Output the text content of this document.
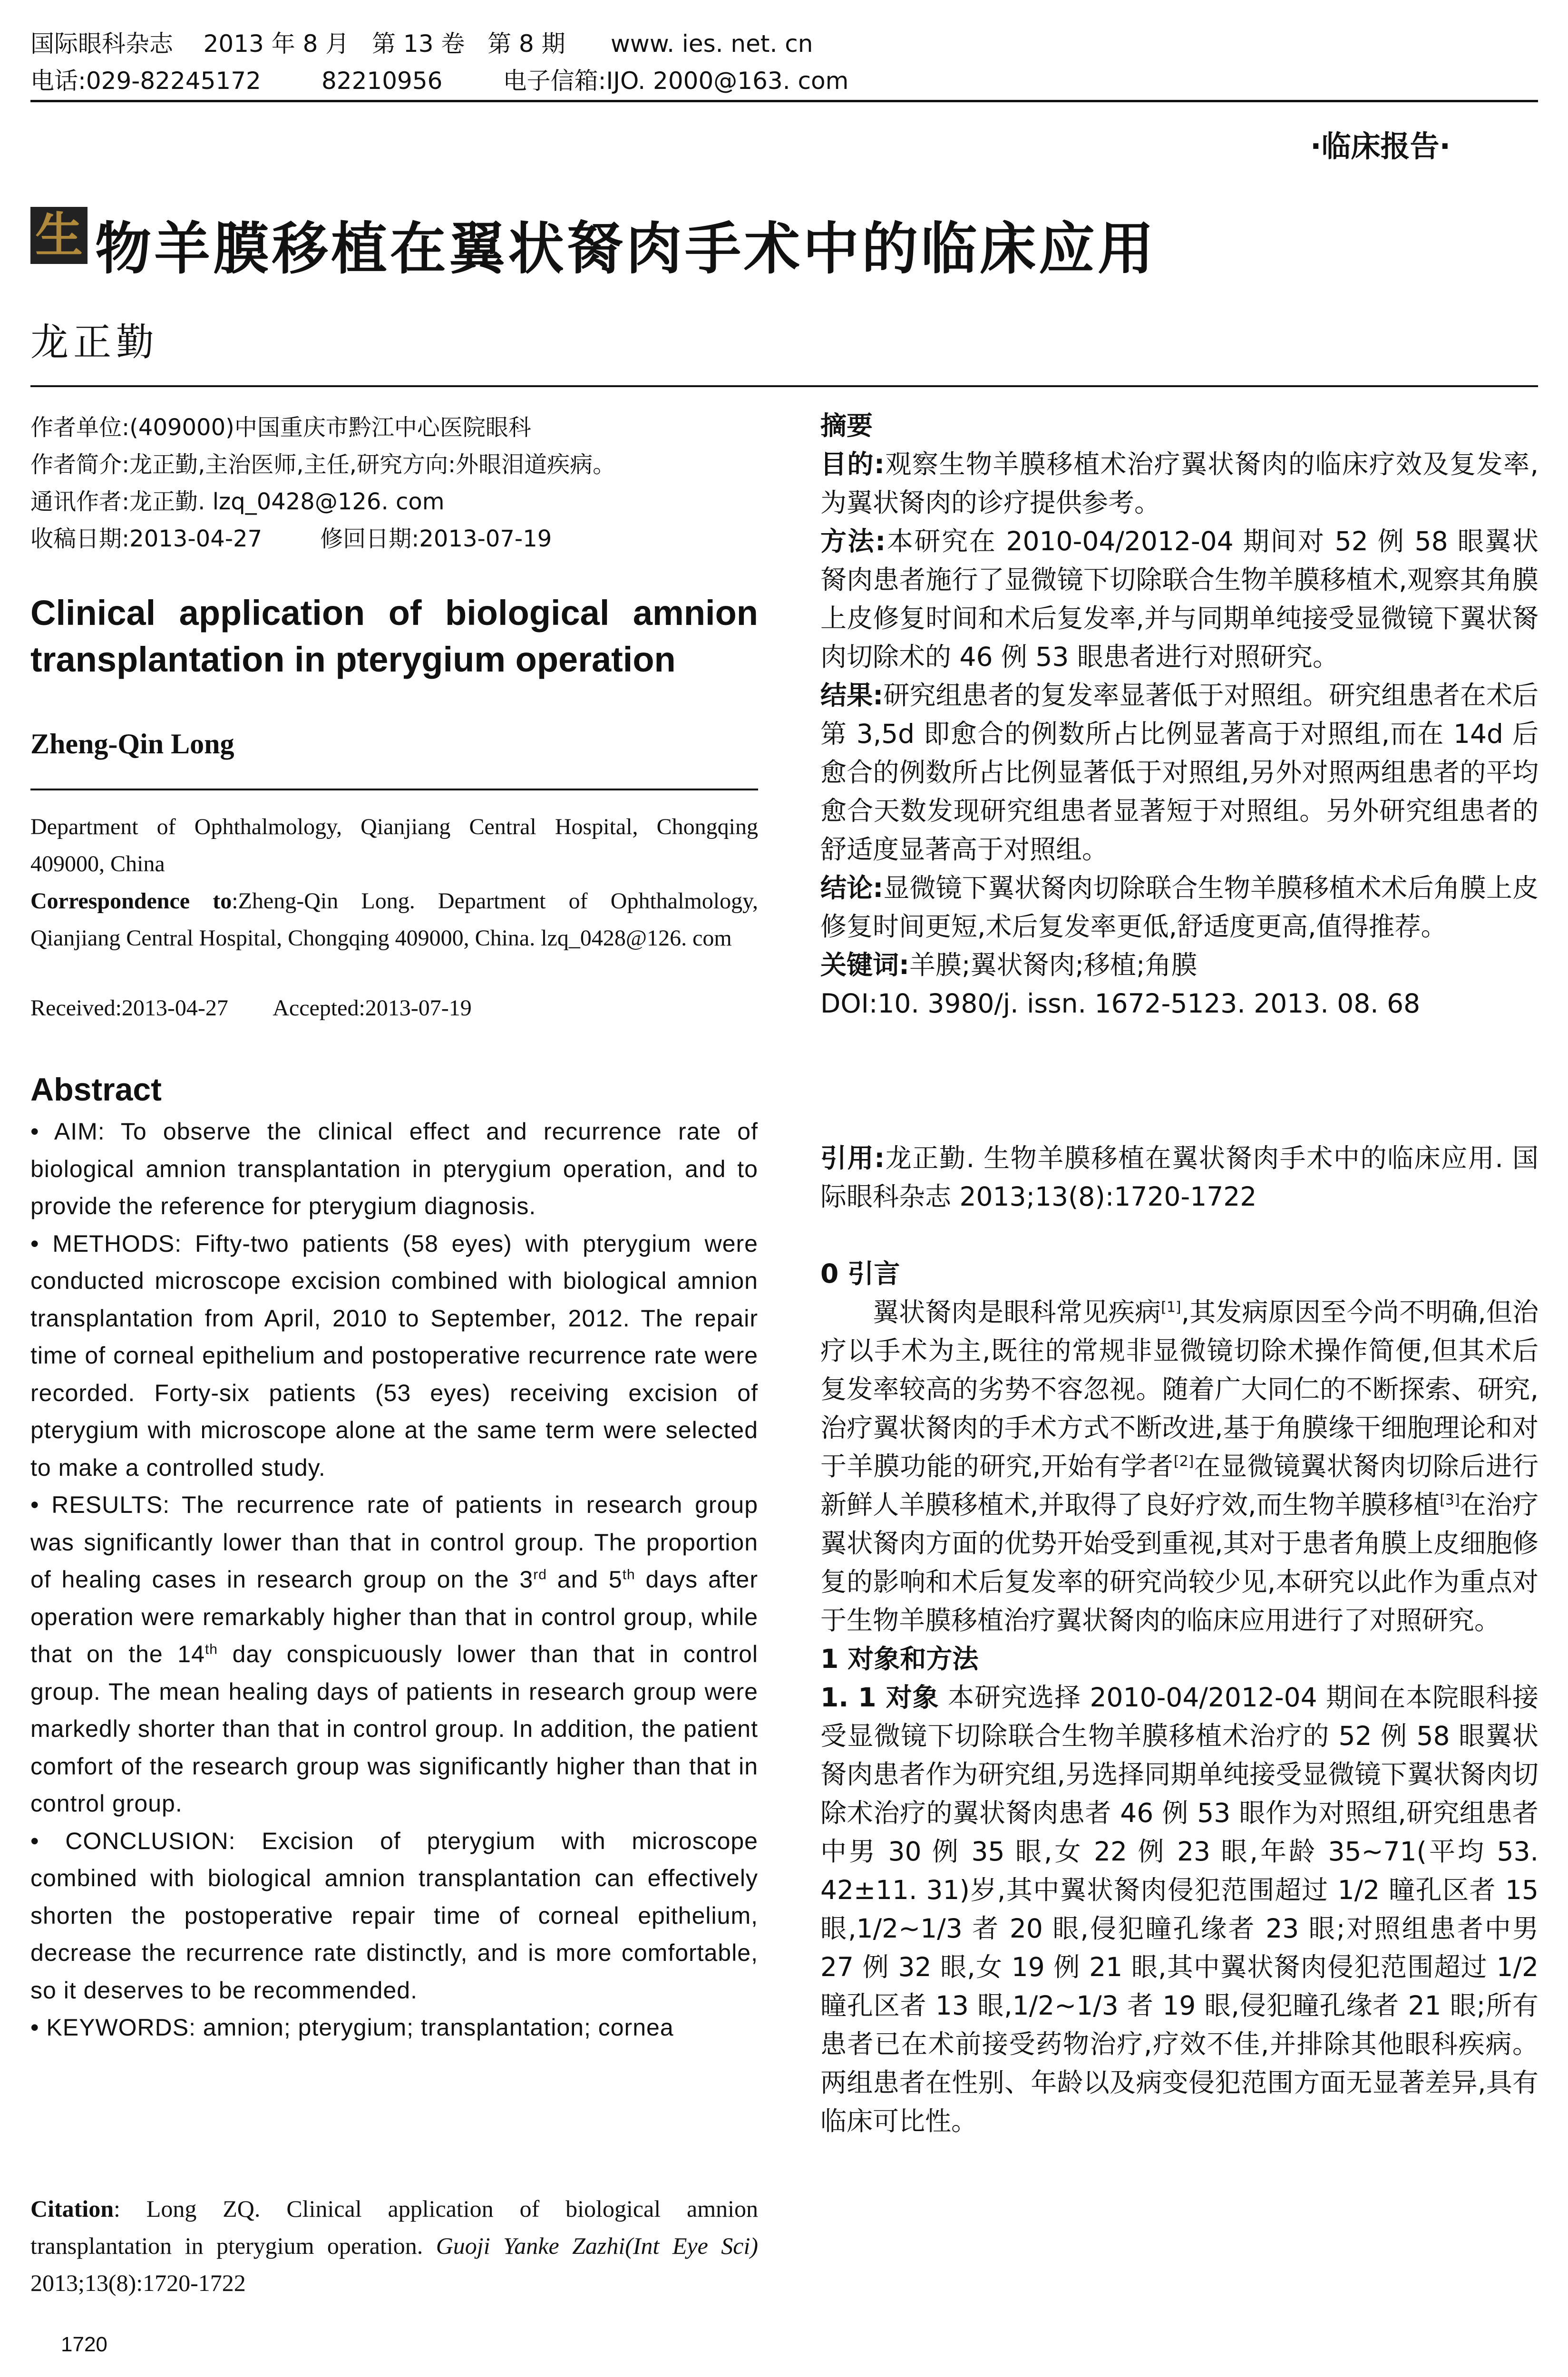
国际眼科杂志    2013 年 8 月   第 13 卷   第 8 期      www. ies. net. cn
电话:029-82245172        82210956        电子信箱:IJO. 2000@163. com
·临床报告·
生 物羊膜移植在翼状胬肉手术中的临床应用
龙正勤
作者单位:(409000)中国重庆市黔江中心医院眼科
作者简介:龙正勤,主治医师,主任,研究方向:外眼泪道疾病。
通讯作者:龙正勤. lzq_0428@126. com
收稿日期:2013-04-27        修回日期:2013-07-19
Clinical application of biological amnion transplantation in pterygium operation
Zheng-Qin Long
Department of Ophthalmology, Qianjiang Central Hospital, Chongqing 409000, China
Correspondence to:Zheng-Qin Long. Department of Ophthalmology, Qianjiang Central Hospital, Chongqing 409000, China. lzq_0428@126. com
Received:2013-04-27        Accepted:2013-07-19
Abstract

• AIM: To observe the clinical effect and recurrence rate of biological amnion transplantation in pterygium operation, and to provide the reference for pterygium diagnosis.

• METHODS: Fifty-two patients (58 eyes) with pterygium were conducted microscope excision combined with biological amnion transplantation from April, 2010 to September, 2012. The repair time of corneal epithelium and postoperative recurrence rate were recorded. Forty-six patients (53 eyes) receiving excision of pterygium with microscope alone at the same term were selected to make a controlled study.

• RESULTS: The recurrence rate of patients in research group was significantly lower than that in control group. The proportion of healing cases in research group on the 3rd and 5th days after operation were remarkably higher than that in control group, while that on the 14th day conspicuously lower than that in control group. The mean healing days of patients in research group were markedly shorter than that in control group. In addition, the patient comfort of the research group was significantly higher than that in control group.

• CONCLUSION: Excision of pterygium with microscope combined with biological amnion transplantation can effectively shorten the postoperative repair time of corneal epithelium, decrease the recurrence rate distinctly, and is more comfortable, so it deserves to be recommended.

• KEYWORDS: amnion; pterygium; transplantation; cornea

Citation: Long ZQ. Clinical application of biological amnion transplantation in pterygium operation. Guoji Yanke Zazhi(Int Eye Sci) 2013;13(8):1720-1722
1720

摘要

目的:观察生物羊膜移植术治疗翼状胬肉的临床疗效及复发率,为翼状胬肉的诊疗提供参考。

方法:本研究在 2010-04/2012-04 期间对 52 例 58 眼翼状胬肉患者施行了显微镜下切除联合生物羊膜移植术,观察其角膜上皮修复时间和术后复发率,并与同期单纯接受显微镜下翼状胬肉切除术的 46 例 53 眼患者进行对照研究。

结果:研究组患者的复发率显著低于对照组。研究组患者在术后第 3,5d 即愈合的例数所占比例显著高于对照组,而在 14d 后愈合的例数所占比例显著低于对照组,另外对照两组患者的平均愈合天数发现研究组患者显著短于对照组。另外研究组患者的舒适度显著高于对照组。

结论:显微镜下翼状胬肉切除联合生物羊膜移植术术后角膜上皮修复时间更短,术后复发率更低,舒适度更高,值得推荐。

关键词:羊膜;翼状胬肉;移植;角膜

DOI:10. 3980/j. issn. 1672-5123. 2013. 08. 68

引用:龙正勤. 生物羊膜移植在翼状胬肉手术中的临床应用. 国际眼科杂志 2013;13(8):1720-1722

0 引言

翼状胬肉是眼科常见疾病[1],其发病原因至今尚不明确,但治疗以手术为主,既往的常规非显微镜切除术操作简便,但其术后复发率较高的劣势不容忽视。随着广大同仁的不断探索、研究,治疗翼状胬肉的手术方式不断改进,基于角膜缘干细胞理论和对于羊膜功能的研究,开始有学者[2]在显微镜翼状胬肉切除后进行新鲜人羊膜移植术,并取得了良好疗效,而生物羊膜移植[3]在治疗翼状胬肉方面的优势开始受到重视,其对于患者角膜上皮细胞修复的影响和术后复发率的研究尚较少见,本研究以此作为重点对于生物羊膜移植治疗翼状胬肉的临床应用进行了对照研究。

1 对象和方法

1. 1 对象 本研究选择 2010-04/2012-04 期间在本院眼科接受显微镜下切除联合生物羊膜移植术治疗的 52 例 58 眼翼状胬肉患者作为研究组,另选择同期单纯接受显微镜下翼状胬肉切除术治疗的翼状胬肉患者 46 例 53 眼作为对照组,研究组患者中男 30 例 35 眼,女 22 例 23 眼,年龄 35~71(平均 53. 42±11. 31)岁,其中翼状胬肉侵犯范围超过 1/2 瞳孔区者 15 眼,1/2~1/3 者 20 眼,侵犯瞳孔缘者 23 眼;对照组患者中男 27 例 32 眼,女 19 例 21 眼,其中翼状胬肉侵犯范围超过 1/2 瞳孔区者 13 眼,1/2~1/3 者 19 眼,侵犯瞳孔缘者 21 眼;所有患者已在术前接受药物治疗,疗效不佳,并排除其他眼科疾病。两组患者在性别、年龄以及病变侵犯范围方面无显著差异,具有临床可比性。
